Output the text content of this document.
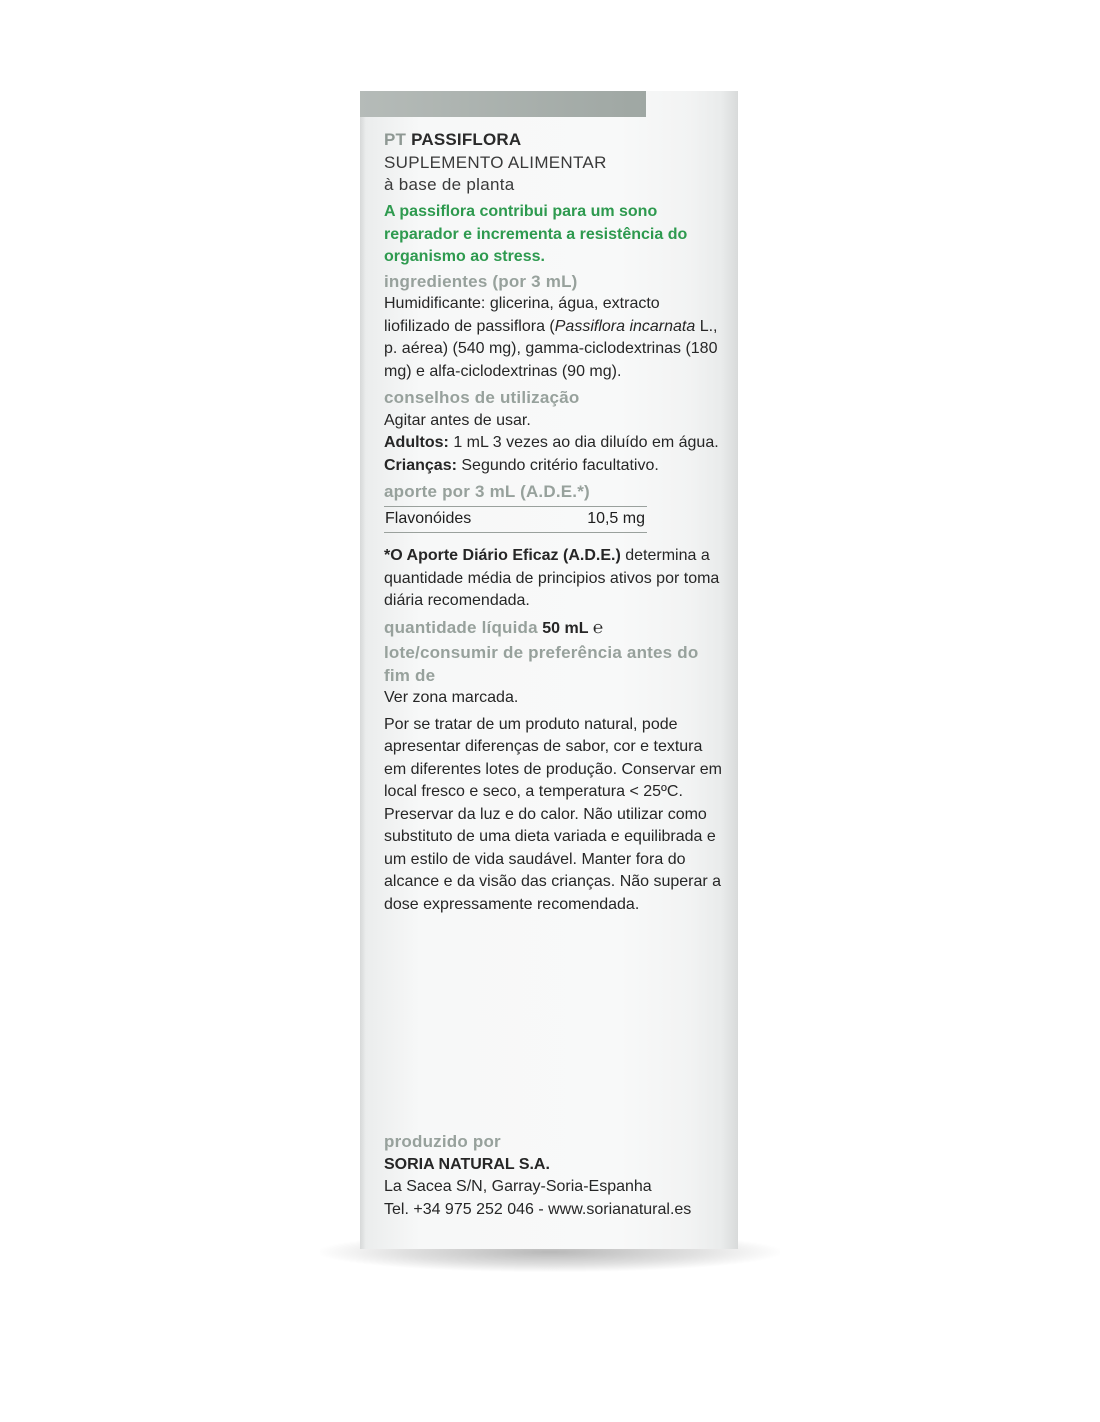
PT PASSIFLORA
SUPLEMENTO ALIMENTAR
à base de planta
A passiflora contribui para um sono reparador e incrementa a resistência do organismo ao stress.
ingredientes (por 3 mL)
Humidificante: glicerina, água, extracto liofilizado de passiflora (Passiflora incarnata L., p. aérea) (540 mg), gamma-ciclodextrinas (180 mg) e alfa-ciclodextrinas (90 mg).
conselhos de utilização
Agitar antes de usar.
Adultos: 1 mL 3 vezes ao dia diluído em água.
Crianças: Segundo critério facultativo.
aporte por 3 mL (A.D.E.*)
Flavonóides	10,5 mg
*O Aporte Diário Eficaz (A.D.E.) determina a quantidade média de principios ativos por toma diária recomendada.
quantidade líquida 50 mL ℮
lote/consumir de preferência antes do fim de
Ver zona marcada.
Por se tratar de um produto natural, pode apresentar diferenças de sabor, cor e textura em diferentes lotes de produção. Conservar em local fresco e seco, a temperatura < 25ºC. Preservar da luz e do calor. Não utilizar como substituto de uma dieta variada e equilibrada e um estilo de vida saudável. Manter fora do alcance e da visão das crianças. Não superar a dose expressamente recomendada.
produzido por
SORIA NATURAL S.A.
La Sacea S/N, Garray-Soria-Espanha
Tel. +34 975 252 046 - www.sorianatural.es
